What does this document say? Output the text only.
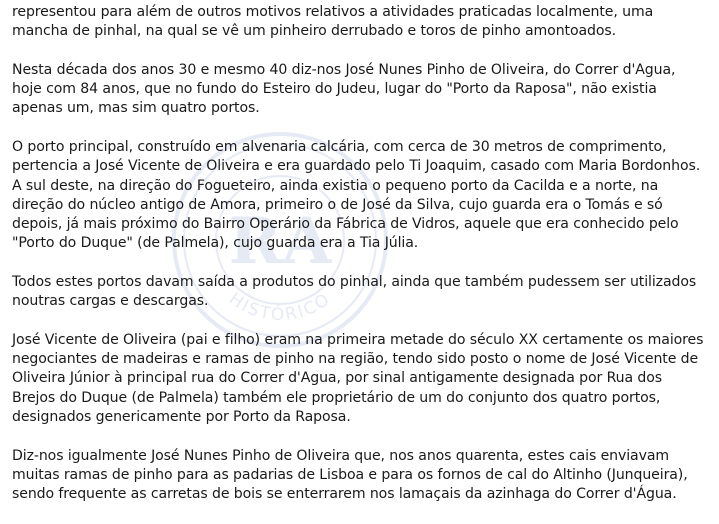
RA
HISTÓRICO

representou para além de outros motivos relativos a atividades praticadas localmente, uma
mancha de pinhal, na qual se vê um pinheiro derrubado e toros de pinho amontoados.

Nesta década dos anos 30 e mesmo 40 diz-nos José Nunes Pinho de Oliveira, do Correr d'Agua,
hoje com 84 anos, que no fundo do Esteiro do Judeu, lugar do "Porto da Raposa", não existia
apenas um, mas sim quatro portos.

O porto principal, construído em alvenaria calcária, com cerca de 30 metros de comprimento,
pertencia a José Vicente de Oliveira e era guardado pelo Ti Joaquim, casado com Maria Bordonhos.
A sul deste, na direção do Fogueteiro, ainda existia o pequeno porto da Cacilda e a norte, na
direção do núcleo antigo de Amora, primeiro o de José da Silva, cujo guarda era o Tomás e só
depois, já mais próximo do Bairro Operário da Fábrica de Vidros, aquele que era conhecido pelo
"Porto do Duque" (de Palmela), cujo guarda era a Tia Júlia.

Todos estes portos davam saída a produtos do pinhal, ainda que também pudessem ser utilizados
noutras cargas e descargas.

José Vicente de Oliveira (pai e filho) eram na primeira metade do século XX certamente os maiores
negociantes de madeiras e ramas de pinho na região, tendo sido posto o nome de José Vicente de
Oliveira Júnior à principal rua do Correr d'Agua, por sinal antigamente designada por Rua dos
Brejos do Duque (de Palmela) também ele proprietário de um do conjunto dos quatro portos,
designados genericamente por Porto da Raposa.

Diz-nos igualmente José Nunes Pinho de Oliveira que, nos anos quarenta, estes cais enviavam
muitas ramas de pinho para as padarias de Lisboa e para os fornos de cal do Altinho (Junqueira),
sendo frequente as carretas de bois se enterrarem nos lamaçais da azinhaga do Correr d'Água.
